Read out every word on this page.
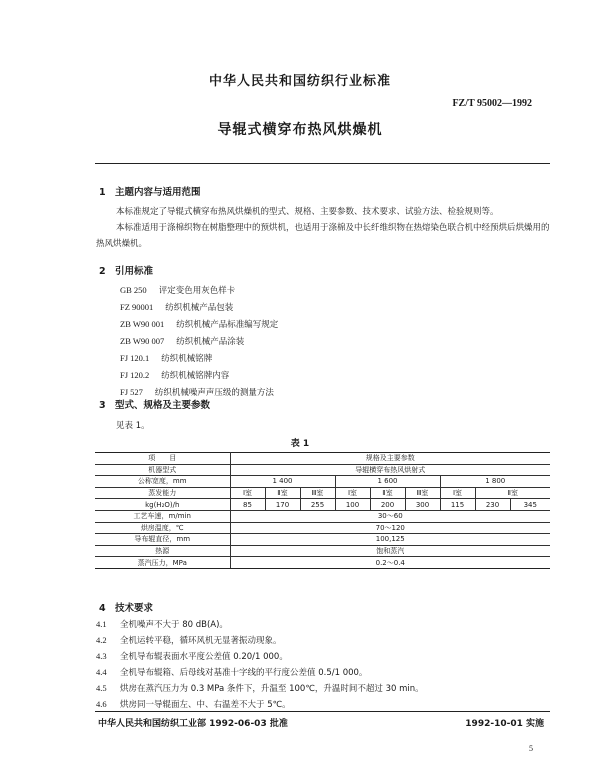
中华人民共和国纺织行业标准
FZ/T 95002—1992
导辊式横穿布热风烘燥机
1 主题内容与适用范围
本标准规定了导辊式横穿布热风烘燥机的型式、规格、主要参数、技术要求、试验方法、检验规则等。
本标准适用于涤棉织物在树脂整理中的预烘机，也适用于涤棉及中长纤维织物在热熔染色联合机中经预烘后烘燥用的热风烘燥机。
2 引用标准
GB 250 评定变色用灰色样卡
FZ 90001 纺织机械产品包装
ZB W90 001 纺织机械产品标准编写规定
ZB W90 007 纺织机械产品涂装
FJ 120.1 纺织机械铭牌
FJ 120.2 纺织机械铭牌内容
FJ 527 纺织机械噪声声压级的测量方法
3 型式、规格及主要参数
见表 1。
表 1
项　　目	规格及主要参数								
机器型式	导辊横穿布热风烘射式								
公称宽度，mm	1 400			1 600			1 800		
蒸发能力	Ⅰ室	Ⅱ室	Ⅲ室	Ⅰ室	Ⅱ室	Ⅲ室	Ⅰ室	Ⅱ室	
kg(H₂O)/h	85	170	255	100	200	300	115	230	345
工艺车速，m/min	30～60								
烘房温度，℃	70～120								
导布辊直径，mm	100,125								
热源	饱和蒸汽								
蒸汽压力，MPa	0.2～0.4								
4 技术要求
4.1 全机噪声不大于 80 dB(A)。
4.2 全机运转平稳，循环风机无显著振动现象。
4.3 全机导布辊表面水平度公差值 0.20/1 000。
4.4 全机导布辊箱、后母线对基准十字线的平行度公差值 0.5/1 000。
4.5 烘房在蒸汽压力为 0.3 MPa 条件下，升温至 100℃，升温时间不超过 30 min。
4.6 烘房同一导辊面左、中、右温差不大于 5℃。
中华人民共和国纺织工业部 1992-06-03 批准	1992-10-01 实施
5
